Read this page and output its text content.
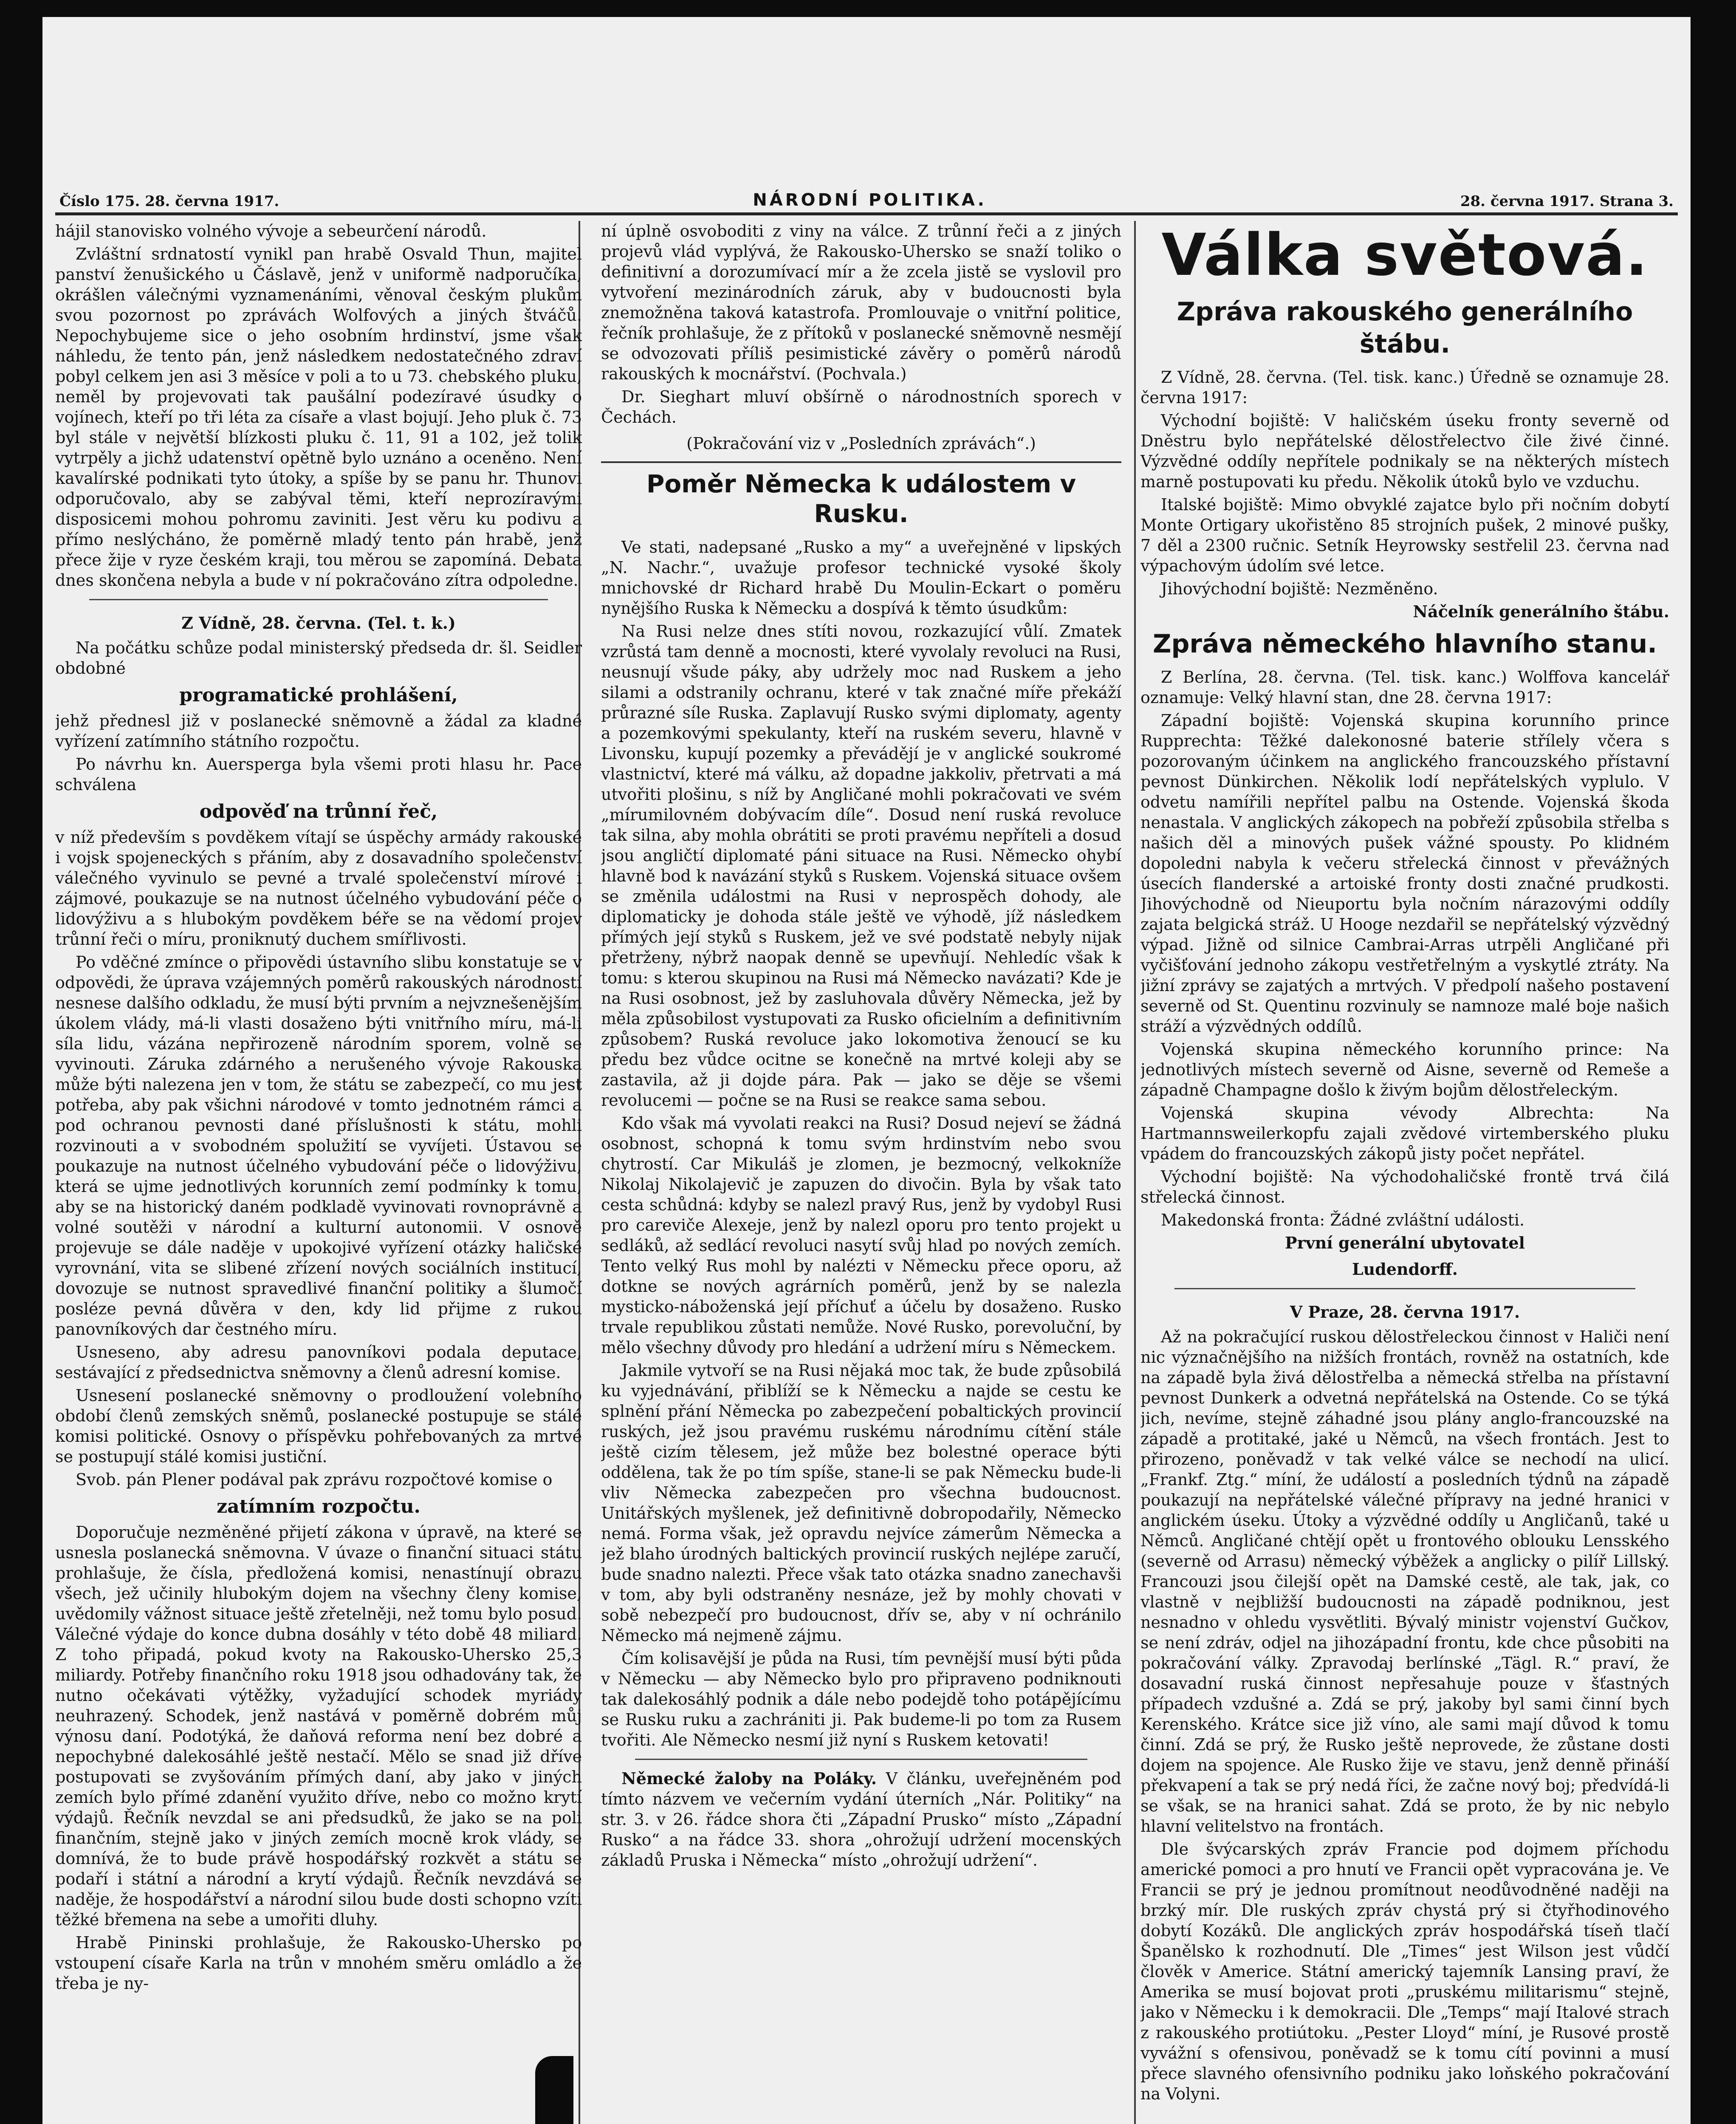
Číslo 175. 28. června 1917.	NÁRODNÍ POLITIKA.	28. června 1917. Strana 3.

hájil stanovisko volného vývoje a sebeurčení národů.

Zvláštní srdnatostí vynikl pan hrabě Osvald Thun, majitel panství ženušického u Čáslavě, jenž v uniformě nadporučíka, okrášlen válečnými vyznamenáními, věnoval českým plukům svou pozornost po zprávách Wolfových a jiných štváčů. Nepochybujeme sice o jeho osobním hrdinství, jsme však náhledu, že tento pán, jenž následkem nedostatečného zdraví pobyl celkem jen asi 3 měsíce v poli a to u 73. chebského pluku, neměl by projevovati tak paušální podezíravé úsudky o vojínech, kteří po tři léta za císaře a vlast bojují. Jeho pluk č. 73 byl stále v největší blízkosti pluku č. 11, 91 a 102, jež tolik vytrpěly a jichž udatenství opětně bylo uznáno a oceněno. Není kavalírské podnikati tyto útoky, a spíše by se panu hr. Thunovi odporučovalo, aby se zabýval těmi, kteří neprozíravými disposicemi mohou pohromu zaviniti. Jest věru ku podivu a přímo neslýcháno, že poměrně mladý tento pán hrabě, jenž přece žije v ryze českém kraji, tou měrou se zapomíná. Debata dnes skončena nebyla a bude v ní pokračováno zítra odpoledne.

Z Vídně, 28. června. (Tel. t. k.)

Na počátku schůze podal ministerský předseda dr. šl. Seidler obdobné

programatické prohlášení,

jehž přednesl již v poslanecké sněmovně a žádal za kladné vyřízení zatímního státního rozpočtu.

Po návrhu kn. Auersperga byla všemi proti hlasu hr. Pace schválena

odpověď na trůnní řeč,

v níž především s povděkem vítají se úspěchy armády rakouské i vojsk spojeneckých s přáním, aby z dosavadního společenství válečného vyvinulo se pevné a trvalé společenství mírové i zájmové, poukazuje se na nutnost účelného vybudování péče o lidovýživu a s hlubokým povděkem béře se na vědomí projev trůnní řeči o míru, proniknutý duchem smířlivosti.

Po vděčné zmínce o připovědi ústavního slibu konstatuje se v odpovědi, že úprava vzájemných poměrů rakouských národností nesnese dalšího odkladu, že musí býti prvním a nejvznešenějším úkolem vlády, má-li vlasti dosaženo býti vnitřního míru, má-li síla lidu, vázána nepřirozeně národním sporem, volně se vyvinouti. Záruka zdárného a nerušeného vývoje Rakouska může býti nalezena jen v tom, že státu se zabezpečí, co mu jest potřeba, aby pak všichni národové v tomto jednotném rámci a pod ochranou pevnosti dané příslušnosti k státu, mohli rozvinouti a v svobodném spolužití se vyvíjeti. Ústavou se poukazuje na nutnost účelného vybudování péče o lidovýživu, která se ujme jednotlivých korunních zemí podmínky k tomu, aby se na historický daném podkladě vyvinovati rovnoprávně a volné soutěži v národní a kulturní autonomii. V osnově projevuje se dále naděje v upokojivé vyřízení otázky haličské vyrovnání, vita se slibené zřízení nových sociálních institucí, dovozuje se nutnost spravedlivé finanční politiky a šlumočí posléze pevná důvěra v den, kdy lid přijme z rukou panovníkových dar čestného míru.

Usneseno, aby adresu panovníkovi podala deputace, sestávající z předsednictva sněmovny a členů adresní komise.

Usnesení poslanecké sněmovny o prodloužení volebního období členů zemských sněmů, poslanecké postupuje se stálé komisi politické. Osnovy o příspěvku pohřebovaných za mrtvé se postupují stálé komisi justiční.

Svob. pán Plener podával pak zprávu rozpočtové komise o

zatímním rozpočtu.

Doporučuje nezměněné přijetí zákona v úpravě, na které se usnesla poslanecká sněmovna. V úvaze o finanční situaci státu prohlašuje, že čísla, předložená komisi, nenastínují obrazu všech, jež učinily hlubokým dojem na všechny členy komise, uvědomily vážnost situace ještě zřetelněji, než tomu bylo posud. Válečné výdaje do konce dubna dosáhly v této době 48 miliard. Z toho připadá, pokud kvoty na Rakousko-Uhersko 25,3 miliardy. Potřeby finančního roku 1918 jsou odhadovány tak, že nutno očekávati výtěžky, vyžadující schodek myriády neuhrazený. Schodek, jenž nastává v poměrně dobrém můj výnosu daní. Podotýká, že daňová reforma není bez dobré a nepochybné dalekosáhlé ještě nestačí. Mělo se snad již dříve postupovati se zvyšováním přímých daní, aby jako v jiných zemích bylo přímé zdanění využito dříve, nebo co možno krytí výdajů. Řečník nevzdal se ani předsudků, že jako se na poli finančním, stejně jako v jiných zemích mocně krok vlády, se domnívá, že to bude právě hospodářský rozkvět a státu se podaří i státní a národní a krytí výdajů. Řečník nevzdává se naděje, že hospodářství a národní silou bude dosti schopno vzíti těžké břemena na sebe a umořiti dluhy.

Hrabě Pininski prohlašuje, že Rakousko-Uhersko po vstoupení císaře Karla na trůn v mnohém směru omládlo a že třeba je ny-

ní úplně osvoboditi z viny na válce. Z trůnní řeči a z jiných projevů vlád vyplývá, že Rakousko-Uhersko se snaží toliko o definitivní a dorozumívací mír a že zcela jistě se vyslovil pro vytvoření mezinárodních záruk, aby v budoucnosti byla znemožněna taková katastrofa. Promlouvaje o vnitřní politice, řečník prohlašuje, že z přítoků v poslanecké sněmovně nesmějí se odvozovati příliš pesimistické závěry o poměrů národů rakouských k mocnářství. (Pochvala.)

Dr. Sieghart mluví obšírně o národnostních sporech v Čechách.

(Pokračování viz v „Posledních zprávách“.)

Poměr Německa k událostem v Rusku.

Ve stati, nadepsané „Rusko a my“ a uveřejněné v lipských „N. Nachr.“, uvažuje profesor technické vysoké školy mnichovské dr Richard hrabě Du Moulin-Eckart o poměru nynějšího Ruska k Německu a dospívá k těmto úsudkům:

Na Rusi nelze dnes stíti novou, rozkazující vůlí. Zmatek vzrůstá tam denně a mocnosti, které vyvolaly revoluci na Rusi, neusnují všude páky, aby udržely moc nad Ruskem a jeho silami a odstranily ochranu, které v tak značné míře překáží průrazné síle Ruska. Zaplavují Rusko svými diplomaty, agenty a pozemkovými spekulanty, kteří na ruském severu, hlavně v Livonsku, kupují pozemky a převádějí je v anglické soukromé vlastnictví, které má válku, až dopadne jakkoliv, přetrvati a má utvořiti plošinu, s níž by Angličané mohli pokračovati ve svém „mírumilovném dobývacím díle“. Dosud není ruská revoluce tak silna, aby mohla obrátiti se proti pravému nepříteli a dosud jsou angličtí diplomaté páni situace na Rusi. Německo ohybí hlavně bod k navázání styků s Ruskem. Vojenská situace ovšem se změnila událostmi na Rusi v neprospěch dohody, ale diplomaticky je dohoda stále ještě ve výhodě, jíž následkem přímých její styků s Ruskem, jež ve své podstatě nebyly nijak přetrženy, nýbrž naopak denně se upevňují. Nehledíc však k tomu: s kterou skupinou na Rusi má Německo navázati? Kde je na Rusi osobnost, jež by zasluhovala důvěry Německa, jež by měla způsobilost vystupovati za Rusko oficielním a definitivním způsobem? Ruská revoluce jako lokomotiva ženoucí se ku předu bez vůdce ocitne se konečně na mrtvé koleji aby se zastavila, až ji dojde pára. Pak — jako se děje se všemi revolucemi — počne se na Rusi se reakce sama sebou.

Kdo však má vyvolati reakci na Rusi? Dosud nejeví se žádná osobnost, schopná k tomu svým hrdinstvím nebo svou chytrostí. Car Mikuláš je zlomen, je bezmocný, velkokníže Nikolaj Nikolajevič je zapuzen do divočin. Byla by však tato cesta schůdná: kdyby se nalezl pravý Rus, jenž by vydobyl Rusi pro careviče Alexeje, jenž by nalezl oporu pro tento projekt u sedláků, až sedlácí revoluci nasytí svůj hlad po nových zemích. Tento velký Rus mohl by nalézti v Německu přece oporu, až dotkne se nových agrárních poměrů, jenž by se nalezla mysticko-náboženská její příchuť a účelu by dosaženo. Rusko trvale republikou zůstati nemůže. Nové Rusko, porevoluční, by mělo všechny důvody pro hledání a udržení míru s Německem.

Jakmile vytvoří se na Rusi nějaká moc tak, že bude způsobilá ku vyjednávání, přiblíží se k Německu a najde se cestu ke splnění přání Německa po zabezpečení pobaltických provincií ruských, jež jsou pravému ruskému národnímu cítění stále ještě cizím tělesem, jež může bez bolestné operace býti oddělena, tak že po tím spíše, stane-li se pak Německu bude-li vliv Německa zabezpečen pro všechna budoucnost. Unitářských myšlenek, jež definitivně dobropodařily, Německo nemá. Forma však, jež opravdu nejvíce zámerům Německa a jež blaho úrodných baltických provincií ruských nejlépe zaručí, bude snadno nalezti. Přece však tato otázka snadno zanechavši v tom, aby byli odstraněny nesnáze, jež by mohly chovati v sobě nebezpečí pro budoucnost, dřív se, aby v ní ochránilo Německo má nejmeně zájmu.

Čím kolisavější je půda na Rusi, tím pevnější musí býti půda v Německu — aby Německo bylo pro připraveno podniknouti tak dalekosáhlý podnik a dále nebo podejdě toho potápějícímu se Rusku ruku a zachrániti ji. Pak budeme-li po tom za Rusem tvořiti. Ale Německo nesmí již nyní s Ruskem ketovati!

Německé žaloby na Poláky. V článku, uveřejněném pod tímto názvem ve večerním vydání úterních „Nár. Politiky“ na str. 3. v 26. řádce shora čti „Západní Prusko“ místo „Západní Rusko“ a na řádce 33. shora „ohrožují udržení mocenských základů Pruska i Německa“ místo „ohrožují udržení“.

Válka světová.

Zpráva rakouského generálního štábu.

Z Vídně, 28. června. (Tel. tisk. kanc.) Úředně se oznamuje 28. června 1917:

Východní bojiště: V haličském úseku fronty severně od Dněstru bylo nepřátelské dělostřelectvo čile živé činné. Výzvědné oddíly nepřítele podnikaly se na některých místech marně postupovati ku předu. Několik útoků bylo ve vzduchu.

Italské bojiště: Mimo obvyklé zajatce bylo při nočním dobytí Monte Ortigary ukořistěno 85 strojních pušek, 2 minové pušky, 7 děl a 2300 ručnic. Setník Heyrowsky sestřelil 23. června nad výpachovým údolím své letce.

Jihovýchodní bojiště: Nezměněno.

Náčelník generálního štábu.

Zpráva německého hlavního stanu.

Z Berlína, 28. června. (Tel. tisk. kanc.) Wolffova kancelář oznamuje: Velký hlavní stan, dne 28. června 1917:

Západní bojiště: Vojenská skupina korunního prince Rupprechta: Těžké dalekonosné baterie střílely včera s pozorovaným účinkem na anglického francouzského přístavní pevnost Dünkirchen. Několik lodí nepřátelských vyplulo. V odvetu namířili nepřítel palbu na Ostende. Vojenská škoda nenastala. V anglických zákopech na pobřeží způsobila střelba s našich děl a minových pušek vážné spousty. Po klidném dopoledni nabyla k večeru střelecká činnost v převážných úsecích flanderské a artoiské fronty dosti značné prudkosti. Jihovýchodně od Nieuportu byla nočním nárazovými oddíly zajata belgická stráž. U Hooge nezdařil se nepřátelský výzvědný výpad. Jižně od silnice Cambrai-Arras utrpěli Angličané při vyčišťování jednoho zákopu vestřetřelným a vyskytlé ztráty. Na jižní zprávy se zajatých a mrtvých. V předpolí našeho postavení severně od St. Quentinu rozvinuly se namnoze malé boje našich stráží a výzvědných oddílů.

Vojenská skupina německého korunního prince: Na jednotlivých místech severně od Aisne, severně od Remeše a západně Champagne došlo k živým bojům dělostřeleckým.

Vojenská skupina vévody Albrechta: Na Hartmannsweilerkopfu zajali zvědové virtemberského pluku vpádem do francouzských zákopů jisty počet nepřátel.

Východní bojiště: Na východohaličské frontě trvá čilá střelecká činnost.

Makedonská fronta: Žádné zvláštní události.

První generální ubytovatel

Ludendorff.

V Praze, 28. června 1917.

Až na pokračující ruskou dělostřeleckou činnost v Haliči není nic význačnějšího na nižších frontách, rovněž na ostatních, kde na západě byla živá dělostřelba a německá střelba na přístavní pevnost Dunkerk a odvetná nepřátelská na Ostende. Co se týká jich, nevíme, stejně záhadné jsou plány anglo-francouzské na západě a protitaké, jaké u Němců, na všech frontách. Jest to přirozeno, poněvadž v tak velké válce se nechodí na ulicí. „Frankf. Ztg.“ míní, že událostí a posledních týdnů na západě poukazují na nepřátelské válečné přípravy na jedné hranici v anglickém úseku. Útoky a výzvědné oddíly u Angličanů, také u Němců. Angličané chtějí opět u frontového oblouku Lensského (severně od Arrasu) německý výběžek a anglicky o pilíř Lillský. Francouzi jsou čilejší opět na Damské cestě, ale tak, jak, co vlastně v nejbližší budoucnosti na západě podniknou, jest nesnadno v ohledu vysvětliti. Bývalý ministr vojenství Gučkov, se není zdráv, odjel na jihozápadní frontu, kde chce působiti na pokračování války. Zpravodaj berlínské „Tägl. R.“ praví, že dosavadní ruská činnost nepřesahuje pouze v šťastných případech vzdušné a. Zdá se prý, jakoby byl sami činní bych Kerenského. Krátce sice již víno, ale sami mají důvod k tomu činní. Zdá se prý, že Rusko ještě neprovede, že zůstane dosti dojem na spojence. Ale Rusko žije ve stavu, jenž denně přináší překvapení a tak se prý nedá říci, že začne nový boj; předvídá-li se však, se na hranici sahat. Zdá se proto, že by nic nebylo hlavní velitelstvo na frontách.

Dle švýcarských zpráv Francie pod dojmem příchodu americké pomoci a pro hnutí ve Francii opět vypracována je. Ve Francii se prý je jednou promítnout neodůvodněné naději na brzký mír. Dle ruských zpráv chystá prý si čtyřhodinového dobytí Kozáků. Dle anglických zpráv hospodářská tíseň tlačí Španělsko k rozhodnutí. Dle „Times“ jest Wilson jest vůdčí člověk v Americe. Státní americký tajemník Lansing praví, že Amerika se musí bojovat proti „pruskému militarismu“ stejně, jako v Německu i k demokracii. Dle „Temps“ mají Italové strach z rakouského protiútoku. „Pester Lloyd“ míní, je Rusové prostě vyvážní s ofensivou, poněvadž se k tomu cítí povinni a musí přece slavného ofensivního podniku jako loňského pokračování na Volyni.
